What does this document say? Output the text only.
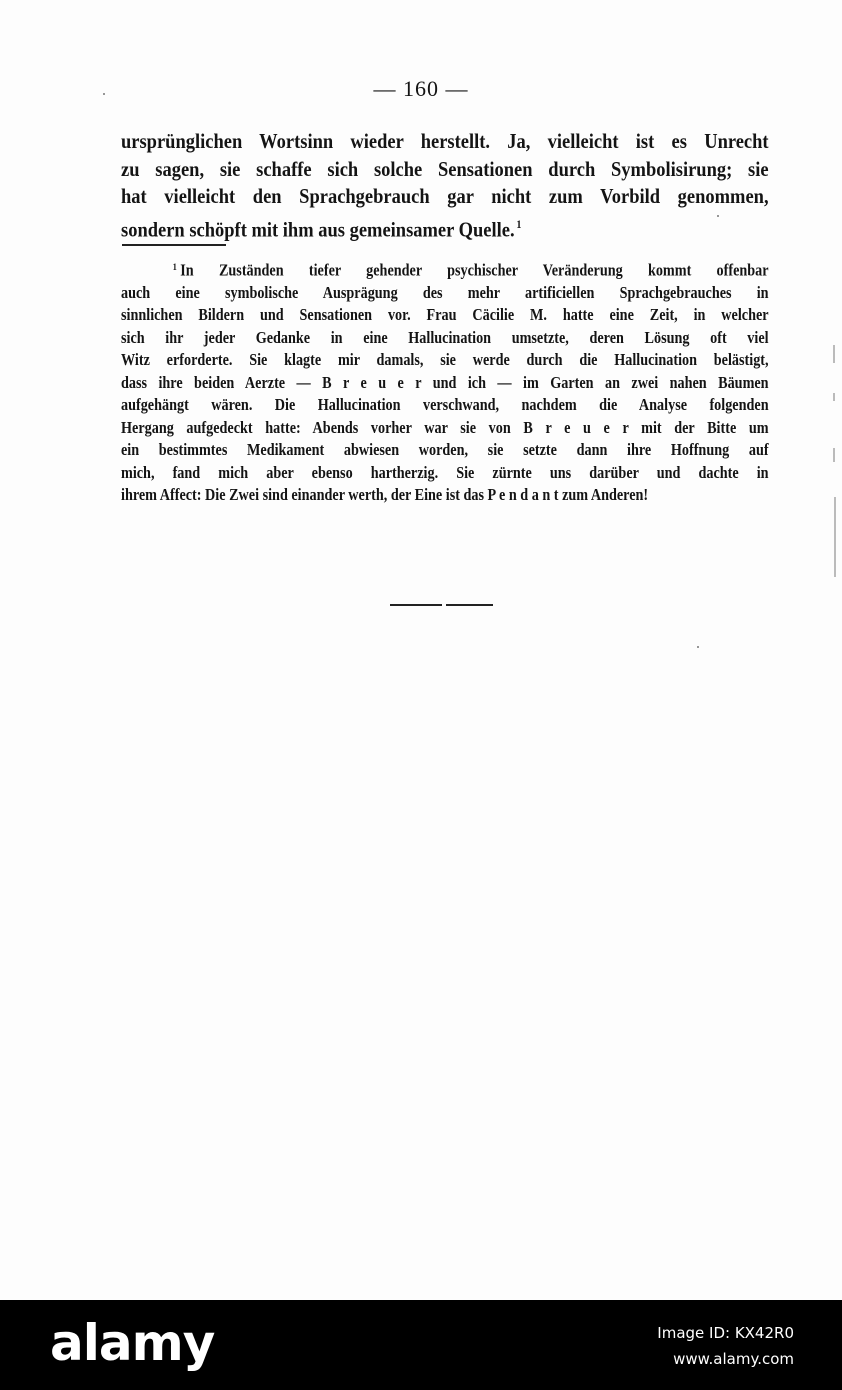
— 160 —
ursprünglichen Wortsinn wieder herstellt. Ja, vielleicht ist es Unrecht
zu sagen, sie schaffe sich solche Sensationen durch Symbolisirung; sie
hat vielleicht den Sprachgebrauch gar nicht zum Vorbild genommen,
sondern schöpft mit ihm aus gemeinsamer Quelle. $^1$
$^1$ In Zuständen tiefer gehender psychischer Veränderung kommt offenbar
auch eine symbolische Ausprägung des mehr artificiellen Sprachgebrauches in
sinnlichen Bildern und Sensationen vor. Frau Cäcilie M. hatte eine Zeit, in welcher
sich ihr jeder Gedanke in eine Hallucination umsetzte, deren Lösung oft viel
Witz erforderte. Sie klagte mir damals, sie werde durch die Hallucination belästigt,
dass ihre beiden Aerzte — B r e u e r und ich — im Garten an zwei nahen Bäumen
aufgehängt wären. Die Hallucination verschwand, nachdem die Analyse folgenden
Hergang aufgedeckt hatte: Abends vorher war sie von B r e u e r mit der Bitte um
ein bestimmtes Medikament abwiesen worden, sie setzte dann ihre Hoffnung auf
mich, fand mich aber ebenso hartherzig. Sie zürnte uns darüber und dachte in
ihrem Affect: Die Zwei sind einander werth, der Eine ist das P e n d a n t zum Anderen!
alamy	Image ID: KX42R0
www.alamy.com
